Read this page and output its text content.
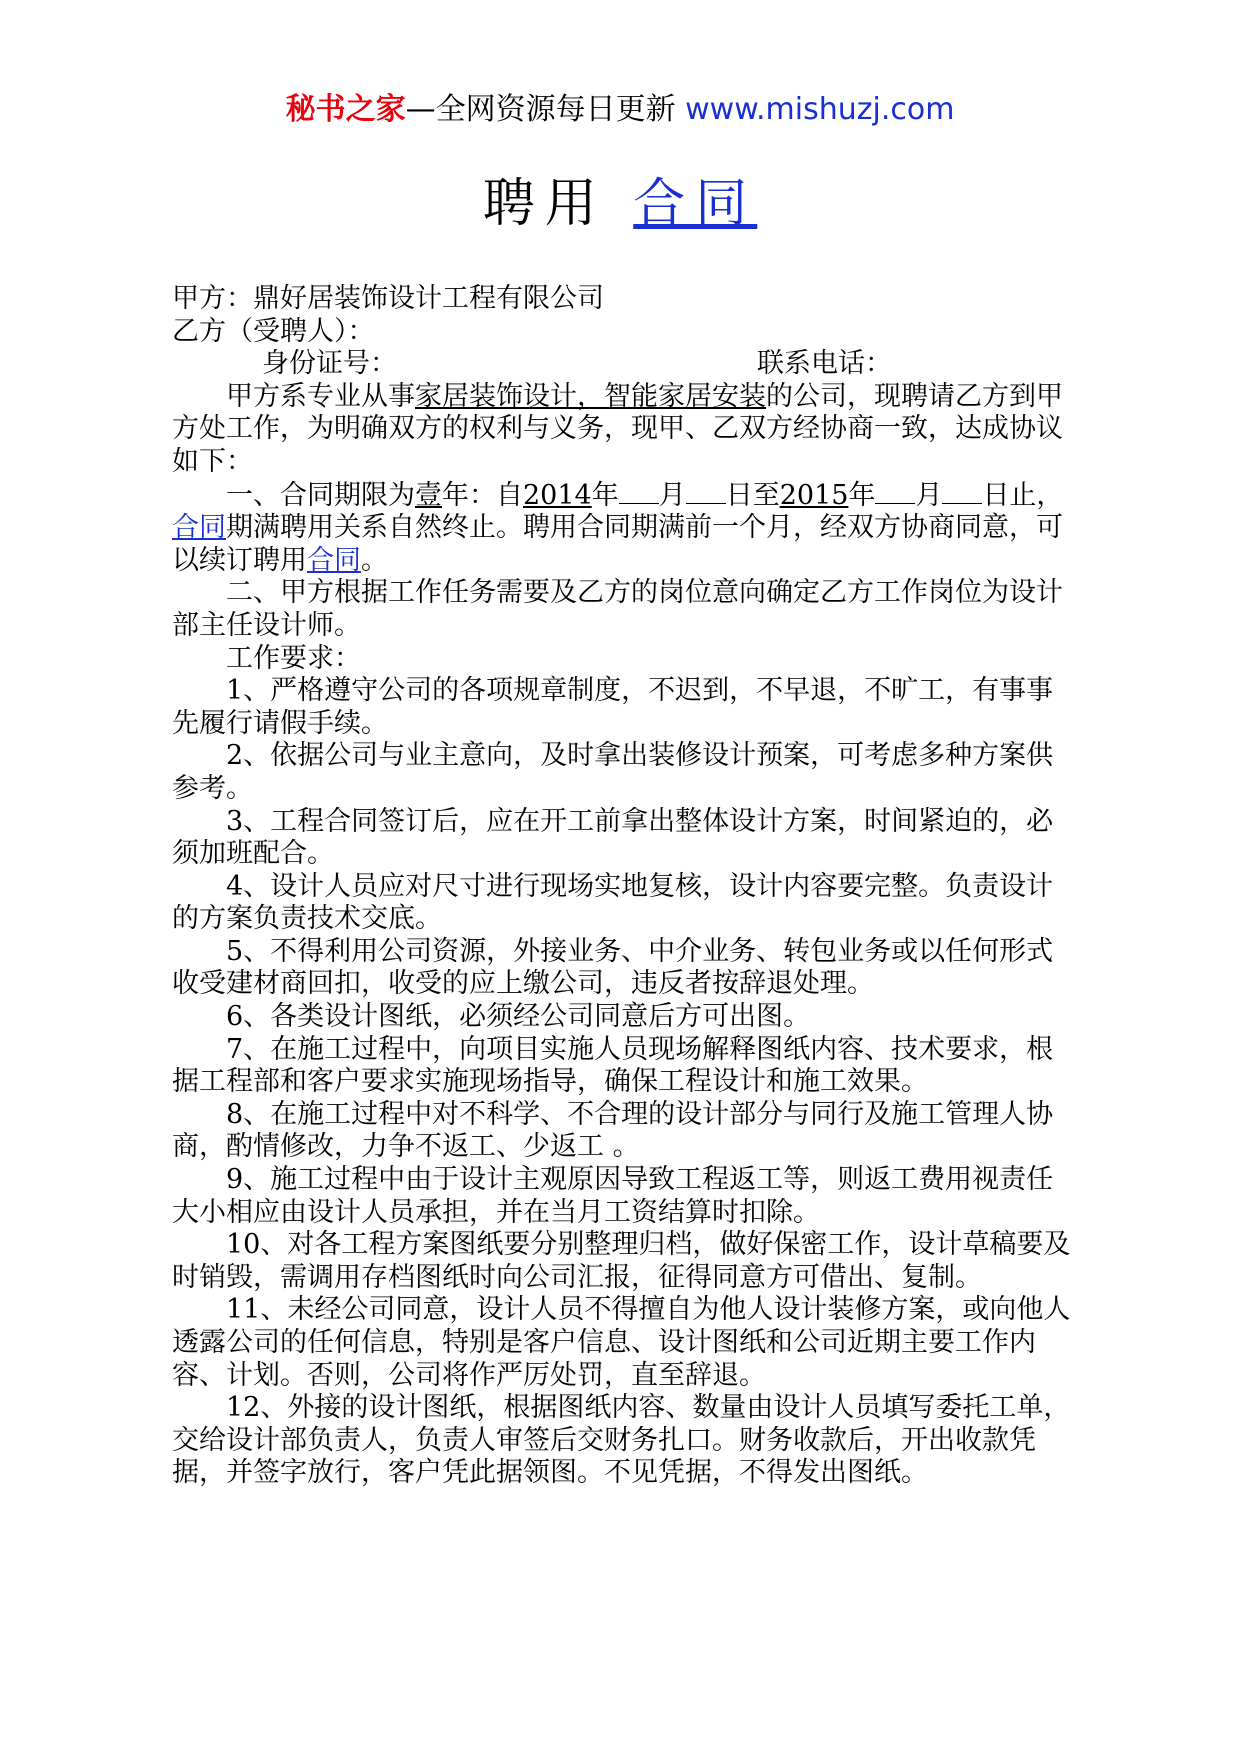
秘书之家—全网资源每日更新 www.mishuzj.com
聘用 合同

甲方：鼎好居装饰设计工程有限公司

乙方（受聘人）：

身份证号：	联系电话：

甲方系专业从事家居装饰设计，智能家居安装的公司，现聘请乙方到甲方处工作，为明确双方的权利与义务，现甲、乙双方经协商一致，达成协议如下：

一、合同期限为壹年：自2014年 月 日至2015年 月 日止，合同期满聘用关系自然终止。聘用合同期满前一个月，经双方协商同意，可以续订聘用合同。

二、甲方根据工作任务需要及乙方的岗位意向确定乙方工作岗位为设计部主任设计师。

工作要求：

1、严格遵守公司的各项规章制度，不迟到，不早退，不旷工，有事事先履行请假手续。

2、依据公司与业主意向，及时拿出装修设计预案，可考虑多种方案供参考。

3、工程合同签订后，应在开工前拿出整体设计方案，时间紧迫的，必须加班配合。

4、设计人员应对尺寸进行现场实地复核，设计内容要完整。负责设计的方案负责技术交底。

5、不得利用公司资源，外接业务、中介业务、转包业务或以任何形式收受建材商回扣，收受的应上缴公司，违反者按辞退处理。

6、各类设计图纸，必须经公司同意后方可出图。

7、在施工过程中，向项目实施人员现场解释图纸内容、技术要求，根据工程部和客户要求实施现场指导，确保工程设计和施工效果。

8、在施工过程中对不科学、不合理的设计部分与同行及施工管理人协商，酌情修改，力争不返工、少返工 。

9、施工过程中由于设计主观原因导致工程返工等，则返工费用视责任大小相应由设计人员承担，并在当月工资结算时扣除。

10、对各工程方案图纸要分别整理归档，做好保密工作，设计草稿要及时销毁，需调用存档图纸时向公司汇报，征得同意方可借出、复制。

11、未经公司同意，设计人员不得擅自为他人设计装修方案，或向他人透露公司的任何信息，特别是客户信息、设计图纸和公司近期主要工作内容、计划。否则，公司将作严厉处罚，直至辞退。

12、外接的设计图纸，根据图纸内容、数量由设计人员填写委托工单，交给设计部负责人，负责人审签后交财务扎口。财务收款后，开出收款凭据，并签字放行，客户凭此据领图。不见凭据，不得发出图纸。
